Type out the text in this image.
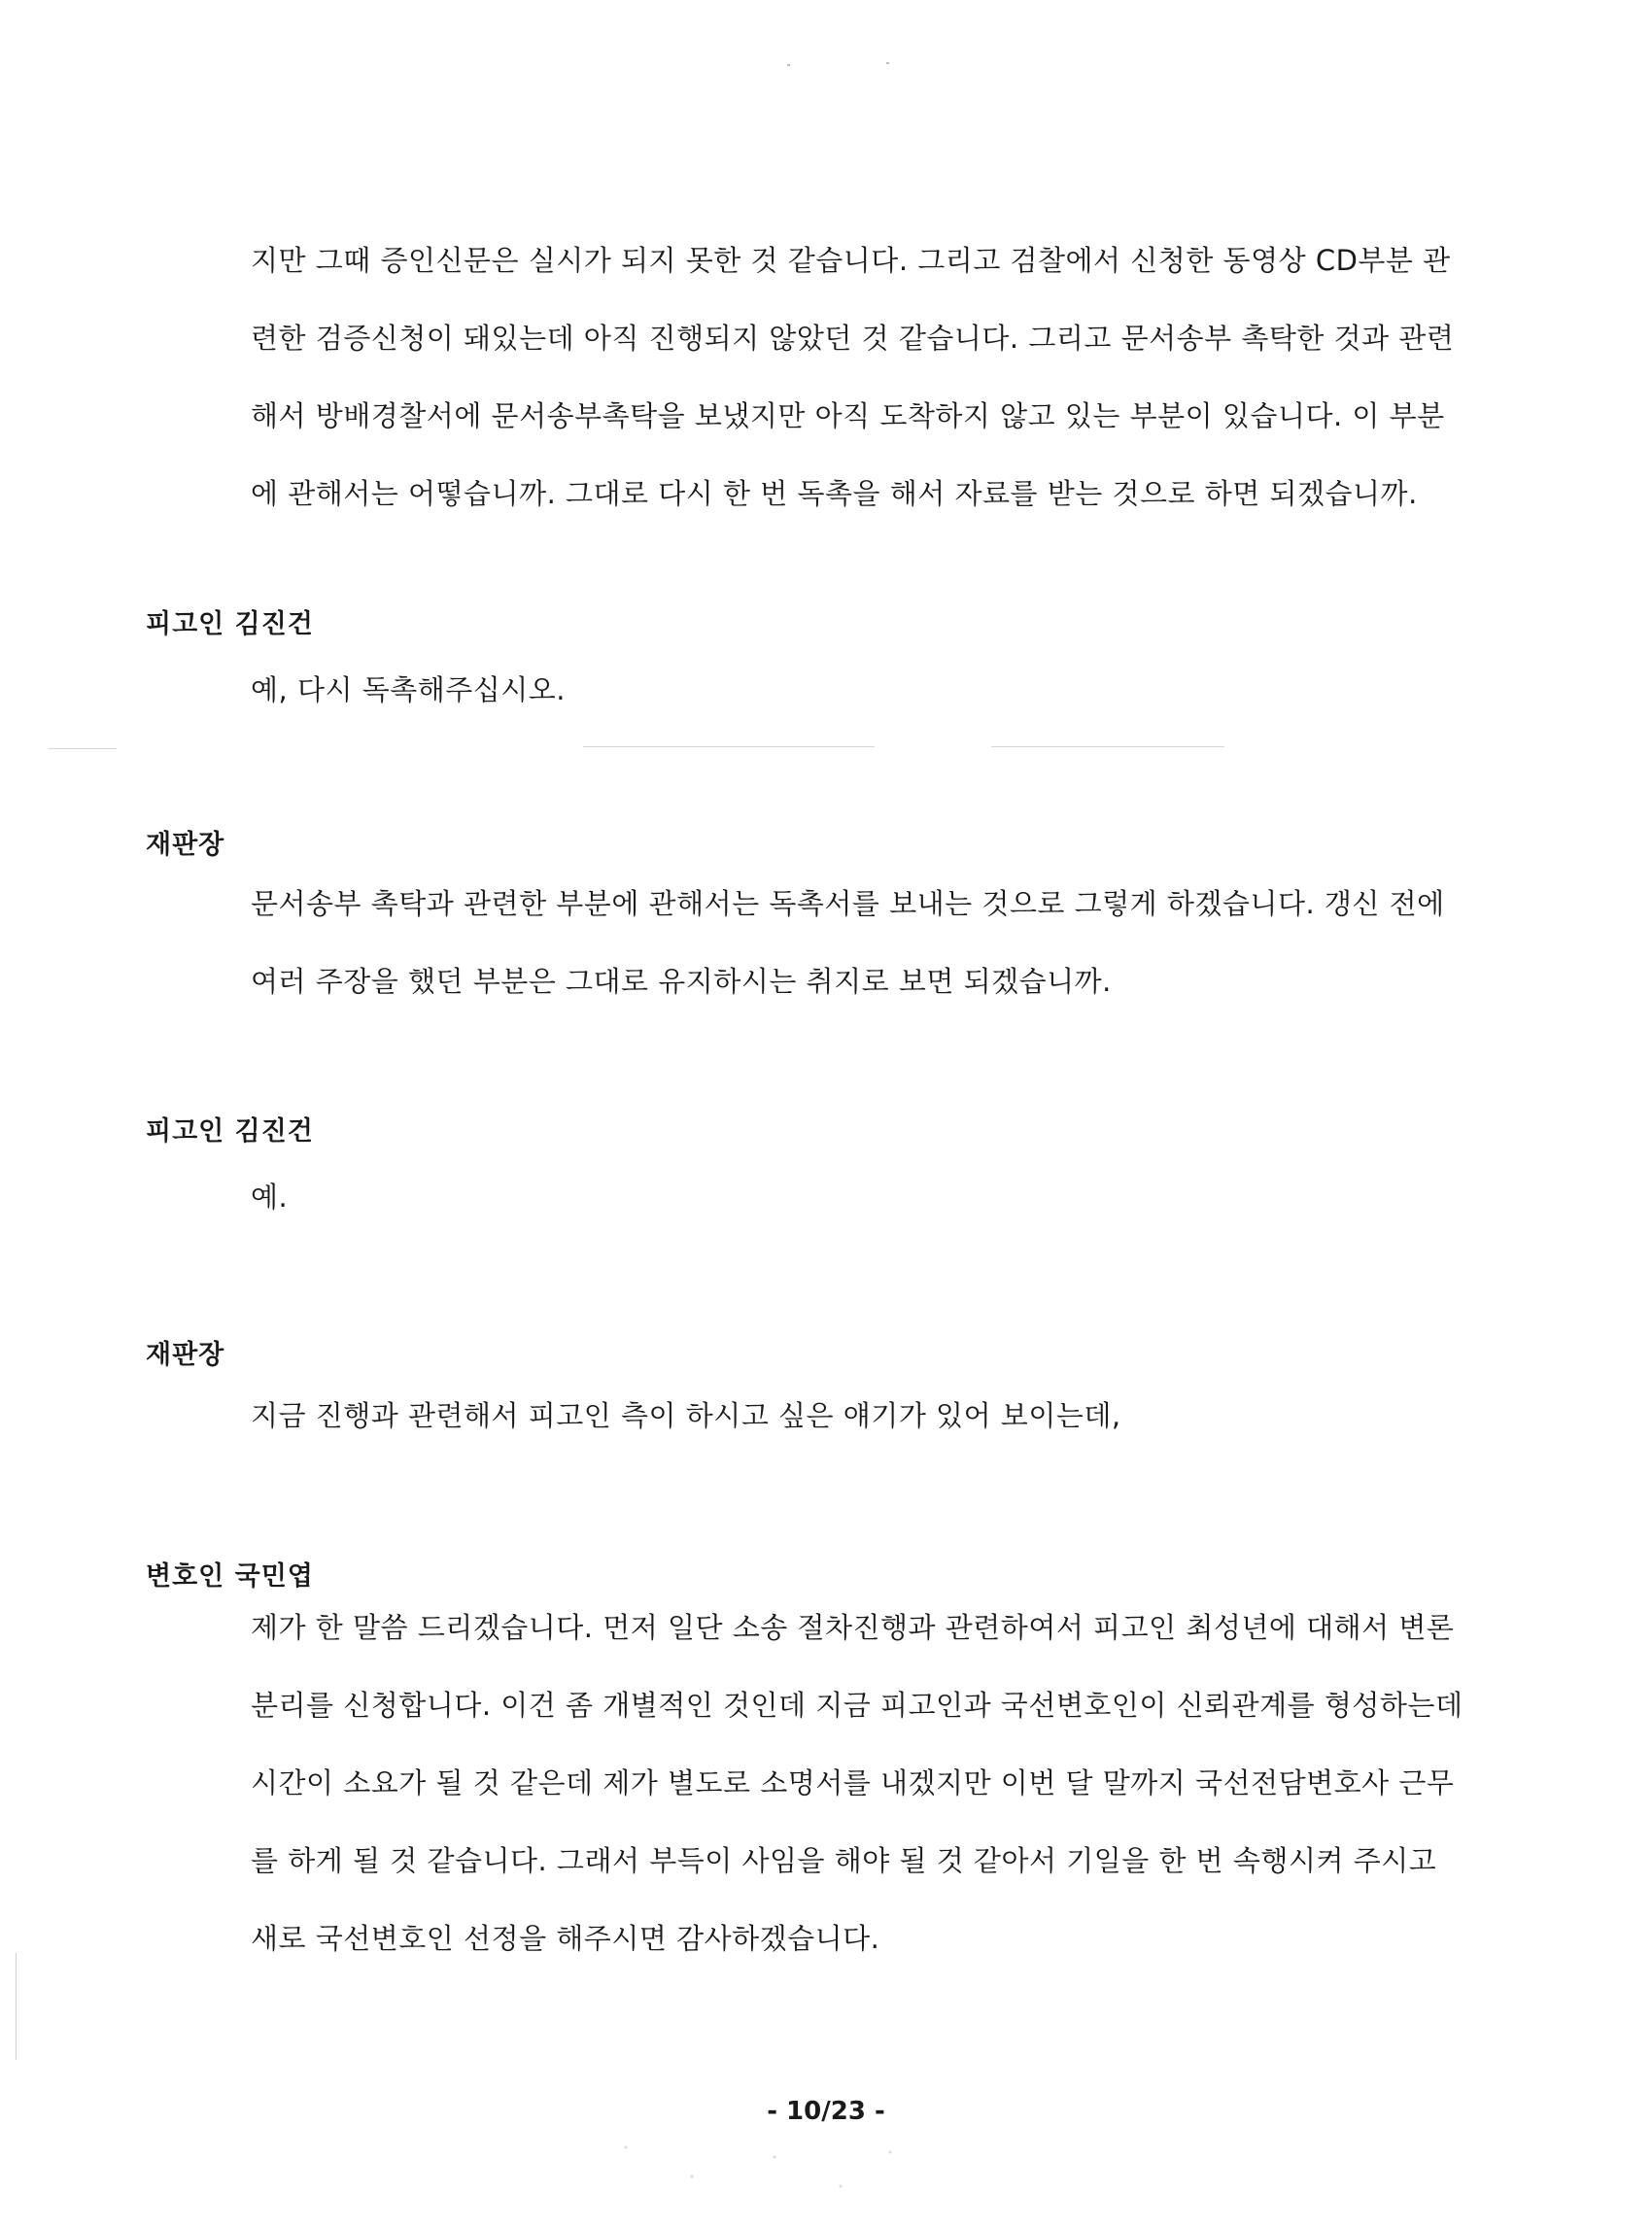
지만 그때 증인신문은 실시가 되지 못한 것 같습니다. 그리고 검찰에서 신청한 동영상 CD부분 관
련한 검증신청이 돼있는데 아직 진행되지 않았던 것 같습니다. 그리고 문서송부 촉탁한 것과 관련
해서 방배경찰서에 문서송부촉탁을 보냈지만 아직 도착하지 않고 있는 부분이 있습니다. 이 부분
에 관해서는 어떻습니까. 그대로 다시 한 번 독촉을 해서 자료를 받는 것으로 하면 되겠습니까.
피고인 김진건
예, 다시 독촉해주십시오.
재판장
문서송부 촉탁과 관련한 부분에 관해서는 독촉서를 보내는 것으로 그렇게 하겠습니다. 갱신 전에
여러 주장을 했던 부분은 그대로 유지하시는 취지로 보면 되겠습니까.
피고인 김진건
예.
재판장
지금 진행과 관련해서 피고인 측이 하시고 싶은 얘기가 있어 보이는데,
변호인 국민엽
제가 한 말씀 드리겠습니다. 먼저 일단 소송 절차진행과 관련하여서 피고인 최성년에 대해서 변론
분리를 신청합니다. 이건 좀 개별적인 것인데 지금 피고인과 국선변호인이 신뢰관계를 형성하는데
시간이 소요가 될 것 같은데 제가 별도로 소명서를 내겠지만 이번 달 말까지 국선전담변호사 근무
를 하게 될 것 같습니다. 그래서 부득이 사임을 해야 될 것 같아서 기일을 한 번 속행시켜 주시고
새로 국선변호인 선정을 해주시면 감사하겠습니다.
- 10/23 -
